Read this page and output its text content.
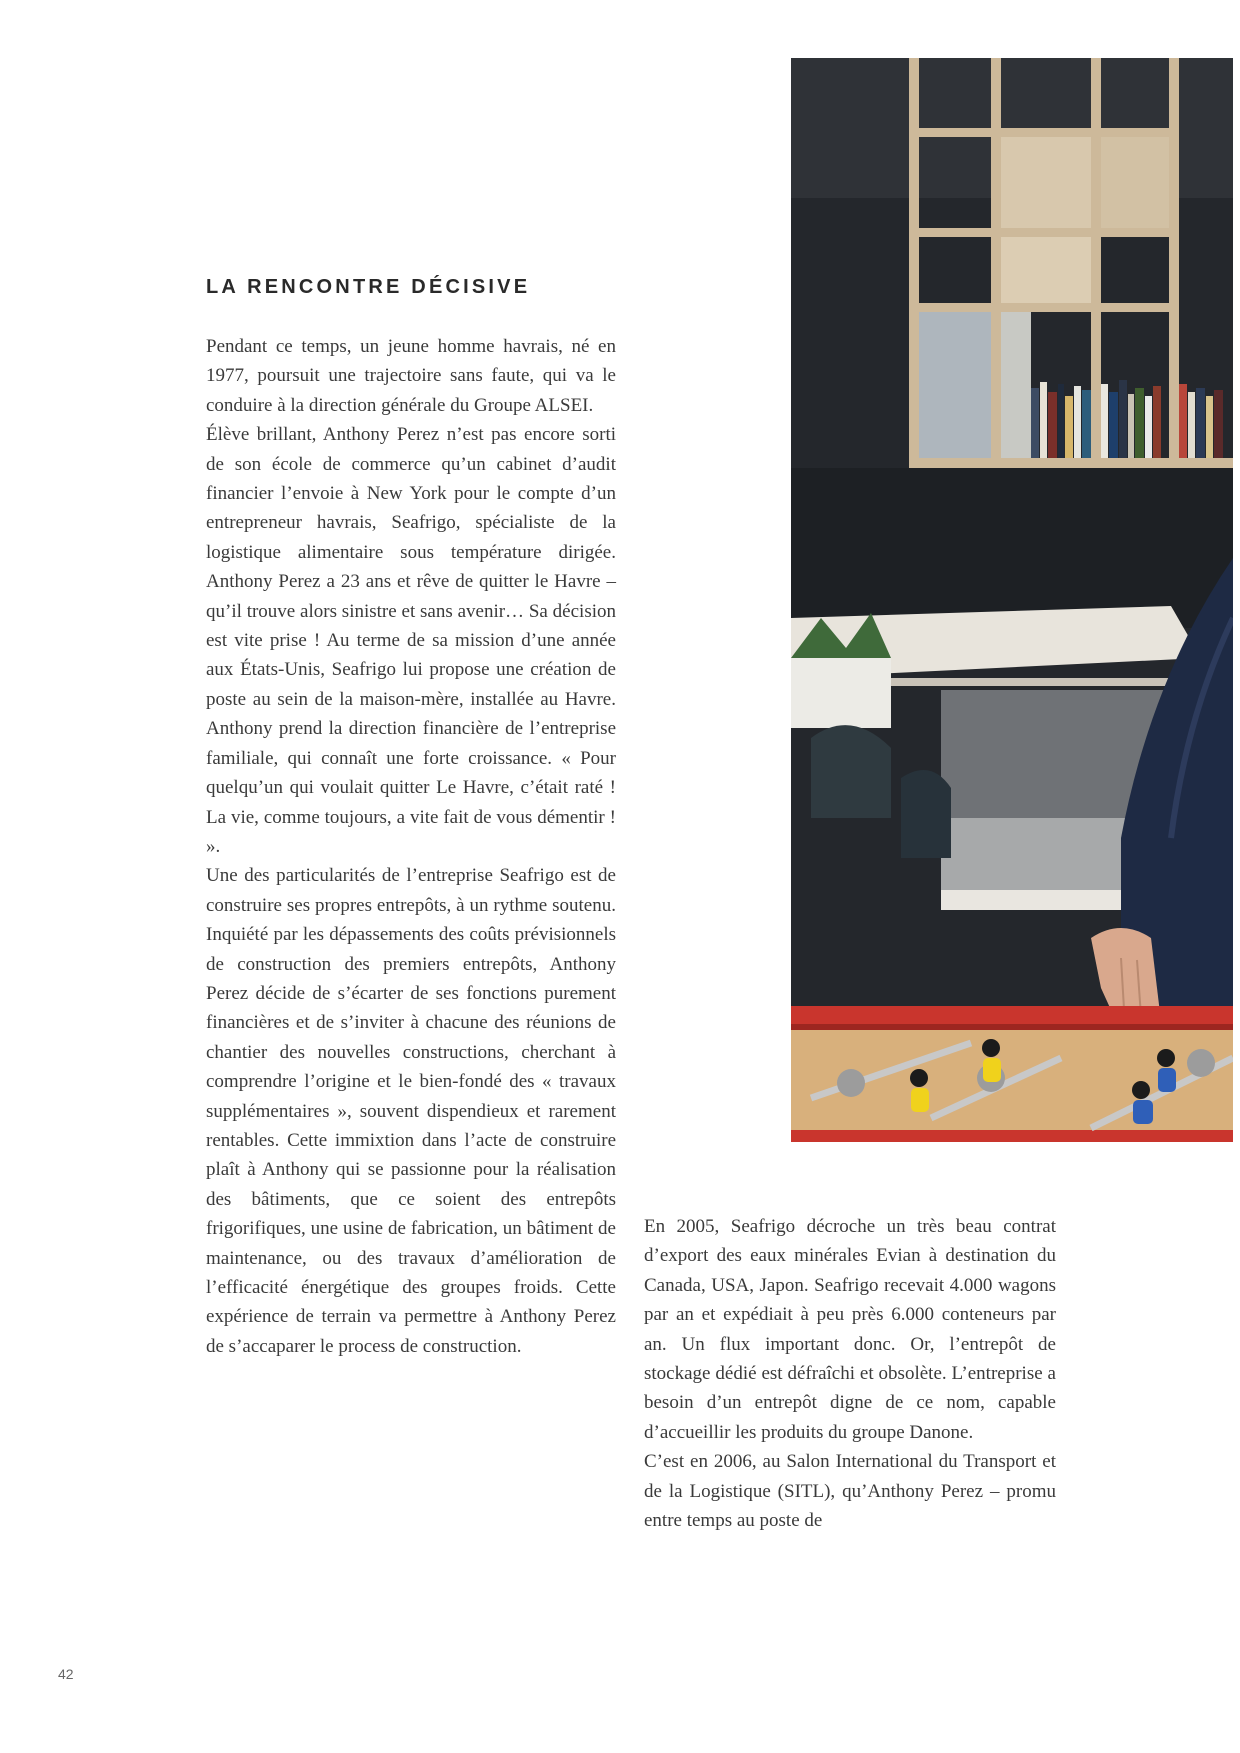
LA RENCONTRE DÉCISIVE

Pendant ce temps, un jeune homme havrais, né en 1977, poursuit une trajectoire sans faute, qui va le conduire à la direction générale du Groupe ALSEI.

Élève brillant, Anthony Perez n’est pas encore sorti de son école de commerce qu’un cabinet d’audit financier l’envoie à New York pour le compte d’un entrepreneur havrais, Seafrigo, spécialiste de la logistique alimentaire sous température dirigée. Anthony Perez a 23 ans et rêve de quitter le Havre – qu’il trouve alors sinistre et sans avenir… Sa décision est vite prise ! Au terme de sa mission d’une année aux États-Unis, Seafrigo lui propose une création de poste au sein de la maison-mère, installée au Havre. Anthony prend la direction financière de l’entreprise familiale, qui connaît une forte croissance. « Pour quelqu’un qui voulait quitter Le Havre, c’était raté ! La vie, comme toujours, a vite fait de vous démentir ! ».

Une des particularités de l’entreprise Seafrigo est de construire ses propres entrepôts, à un rythme soutenu. Inquiété par les dépassements des coûts prévisionnels de construction des premiers entrepôts, Anthony Perez décide de s’écarter de ses fonctions purement financières et de s’inviter à chacune des réunions de chantier des nouvelles constructions, cherchant à comprendre l’origine et le bien-fondé des « travaux supplémentaires », souvent dispendieux et rarement rentables. Cette immixtion dans l’acte de construire plaît à Anthony qui se passionne pour la réalisation des bâtiments, que ce soient des entrepôts frigorifiques, une usine de fabrication, un bâtiment de maintenance, ou des travaux d’amélioration de l’efficacité énergétique des groupes froids. Cette expérience de terrain va permettre à Anthony Perez de s’accaparer le process de construction.

En 2005, Seafrigo décroche un très beau contrat d’export des eaux minérales Evian à destination du Canada, USA, Japon. Seafrigo recevait 4.000 wagons par an et expédiait à peu près 6.000 conteneurs par an. Un flux important donc. Or, l’entrepôt de stockage dédié est défraîchi et obsolète. L’entreprise a besoin d’un entrepôt digne de ce nom, capable d’accueillir les produits du groupe Danone.

C’est en 2006, au Salon International du Transport et de la Logistique (SITL), qu’Anthony Perez – promu entre temps au poste de

42
